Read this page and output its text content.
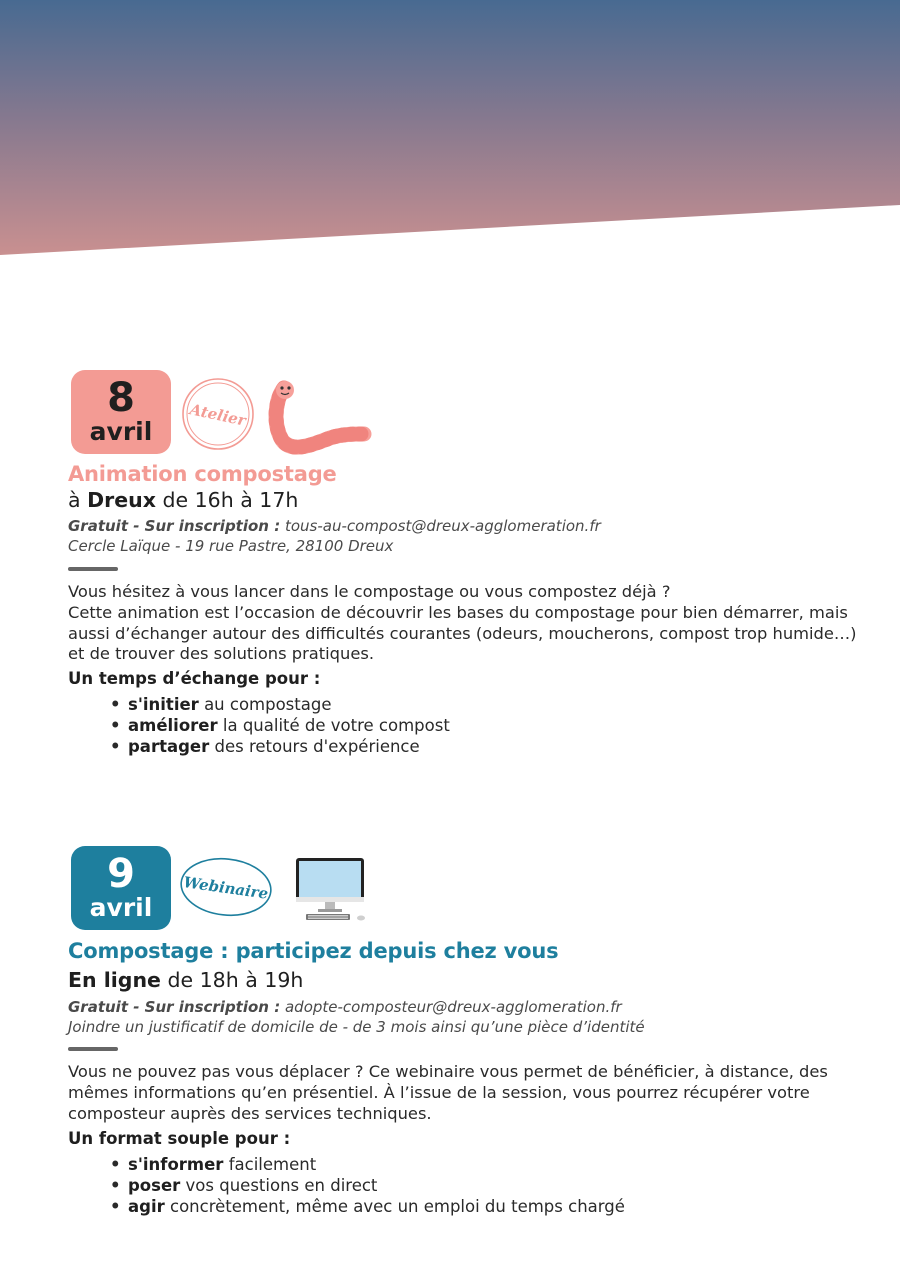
8
avril
Atelier
Animation compostage
à Dreux de 16h à 17h
Gratuit - Sur inscription : tous-au-compost@dreux-agglomeration.fr
Cercle Laïque - 19 rue Pastre, 28100 Dreux

Vous hésitez à vous lancer dans le compostage ou vous compostez déjà ?

Cette animation est l’occasion de découvrir les bases du compostage pour bien démarrer, mais aussi d’échanger autour des difficultés courantes (odeurs, moucherons, compost trop humide…) et de trouver des solutions pratiques.

Un temps d’échange pour :
• s'initier au compostage
• améliorer la qualité de votre compost
• partager des retours d'expérience
9
avril
Webinaire
Compostage : participez depuis chez vous
En ligne de 18h à 19h
Gratuit - Sur inscription : adopte-composteur@dreux-agglomeration.fr
Joindre un justificatif de domicile de - de 3 mois ainsi qu’une pièce d’identité

Vous ne pouvez pas vous déplacer ? Ce webinaire vous permet de bénéficier, à distance, des mêmes informations qu’en présentiel. À l’issue de la session, vous pourrez récupérer votre composteur auprès des services techniques.

Un format souple pour :
• s'informer facilement
• poser vos questions en direct
• agir concrètement, même avec un emploi du temps chargé
